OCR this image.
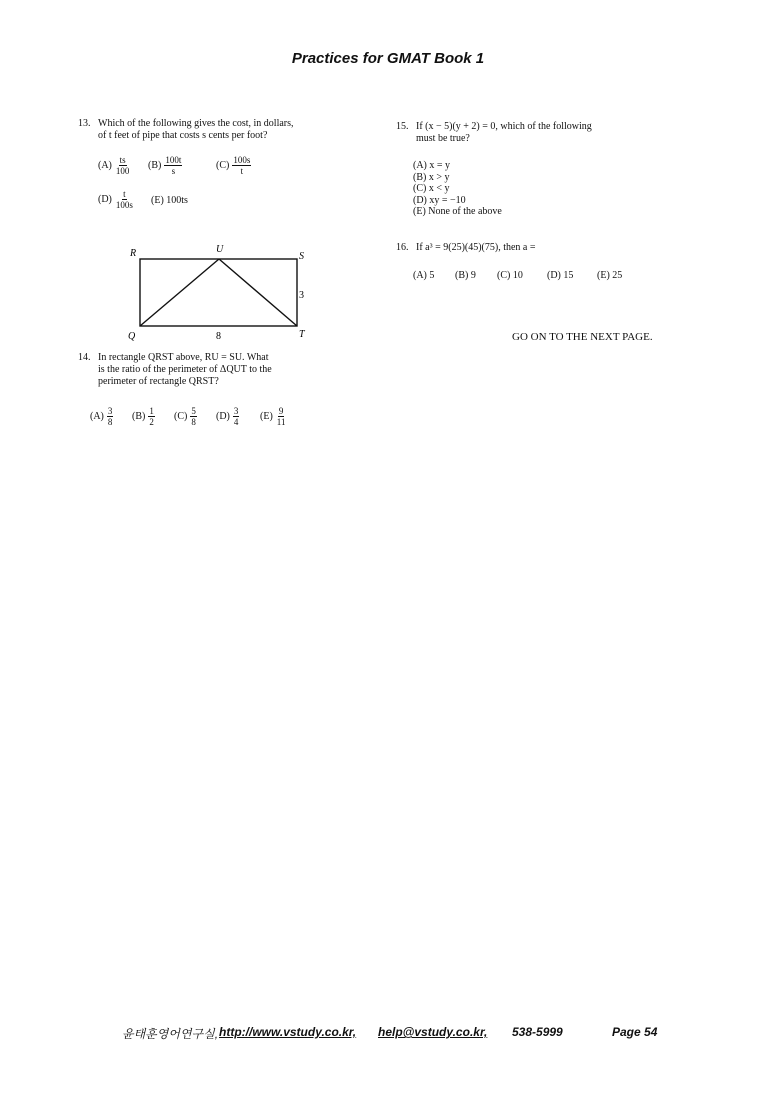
Practices for GMAT Book 1
13. Which of the following gives the cost, in dollars,
of t feet of pipe that costs s cents per foot?
$(A) \frac{ts}{100} (B) \frac{100t}{s}$	$(C) \frac{100s}{t}$
$(D) \frac{t}{100s} (E)$
100ts
R	U
S
Q	T
8
3
14. In rectangle QRST above, RU = SU. What
is the ratio of the perimeter of ΔQUT to the
perimeter of rectangle QRST?
$(A) \frac{3}{8} (B) \frac{1}{2} (C) \frac{5}{8} (D) \frac{3}{4} (E) \frac{9}{11}$
15. If (x − 5)(y + 2) = 0, which of the following
must be true?
(A) x = y
(B) x > y
(C) x < y
(D) xy = −10
(E) None of the above
16. If a³ = 9(25)(45)(75), then a =
(A) 5 (B) 9 (C) 10 (D) 15 (E) 25
GO ON TO THE NEXT PAGE.
윤태훈영어연구실, http://www.vstudy.co.kr, help@vstudy.co.kr, 538-5999	Page 54
